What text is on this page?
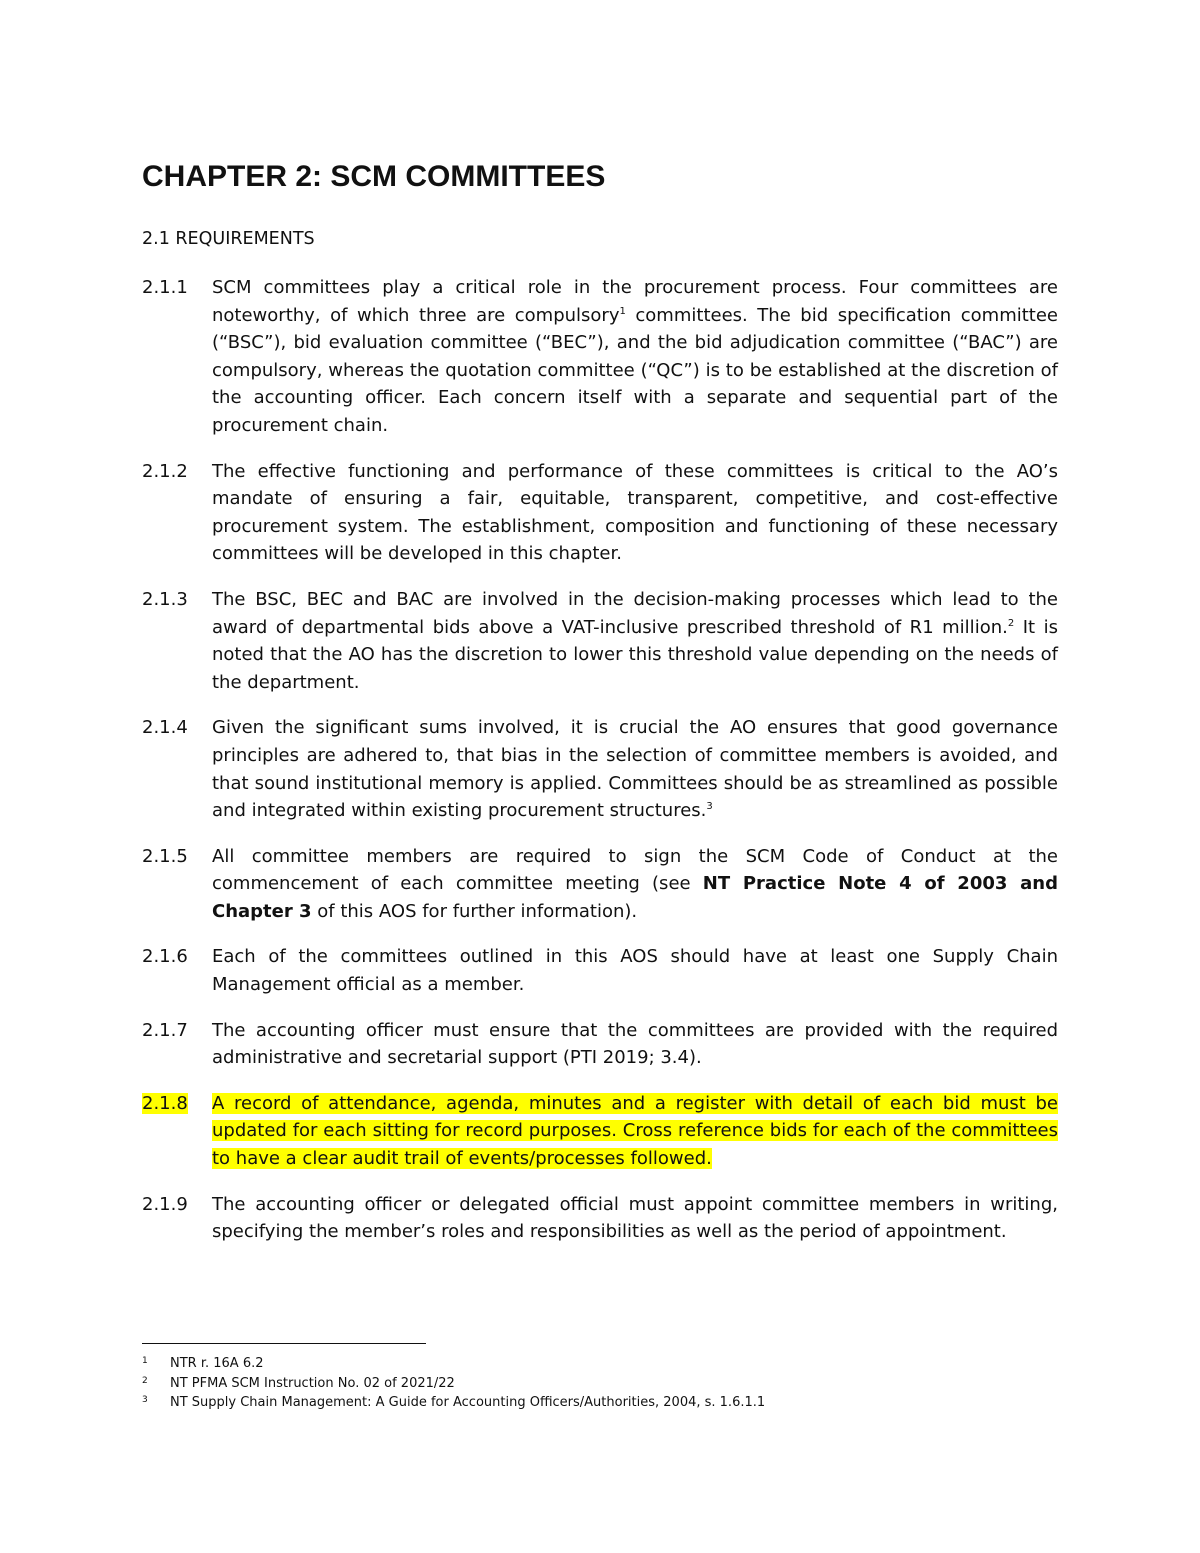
CHAPTER 2: SCM COMMITTEES
2.1 REQUIREMENTS
2.1.1	SCM committees play a critical role in the procurement process. Four committees are noteworthy, of which three are compulsory$^1$ committees. The bid specification committee (“BSC”), bid evaluation committee (“BEC”), and the bid adjudication committee (“BAC”) are compulsory, whereas the quotation committee (“QC”) is to be established at the discretion of the accounting officer. Each concern itself with a separate and sequential part of the procurement chain.
2.1.2	The effective functioning and performance of these committees is critical to the AO’s mandate of ensuring a fair, equitable, transparent, competitive, and cost-effective procurement system. The establishment, composition and functioning of these necessary committees will be developed in this chapter.
2.1.3	The BSC, BEC and BAC are involved in the decision-making processes which lead to the award of departmental bids above a VAT-inclusive prescribed threshold of R1 million.$^2$ It is noted that the AO has the discretion to lower this threshold value depending on the needs of the department.
2.1.4	Given the significant sums involved, it is crucial the AO ensures that good governance principles are adhered to, that bias in the selection of committee members is avoided, and that sound institutional memory is applied. Committees should be as streamlined as possible and integrated within existing procurement structures.$^3$
2.1.5	All committee members are required to sign the SCM Code of Conduct at the commencement of each committee meeting (see NT Practice Note 4 of 2003 and Chapter 3 of this AOS for further information).
2.1.6	Each of the committees outlined in this AOS should have at least one Supply Chain Management official as a member.
2.1.7	The accounting officer must ensure that the committees are provided with the required administrative and secretarial support (PTI 2019; 3.4).
2.1.8	A record of attendance, agenda, minutes and a register with detail of each bid must be updated for each sitting for record purposes. Cross reference bids for each of the committees to have a clear audit trail of events/processes followed.
2.1.9	The accounting officer or delegated official must appoint committee members in writing, specifying the member’s roles and responsibilities as well as the period of appointment.
1	NTR r. 16A 6.2
2	NT PFMA SCM Instruction No. 02 of 2021/22
3	NT Supply Chain Management: A Guide for Accounting Officers/Authorities, 2004, s. 1.6.1.1
